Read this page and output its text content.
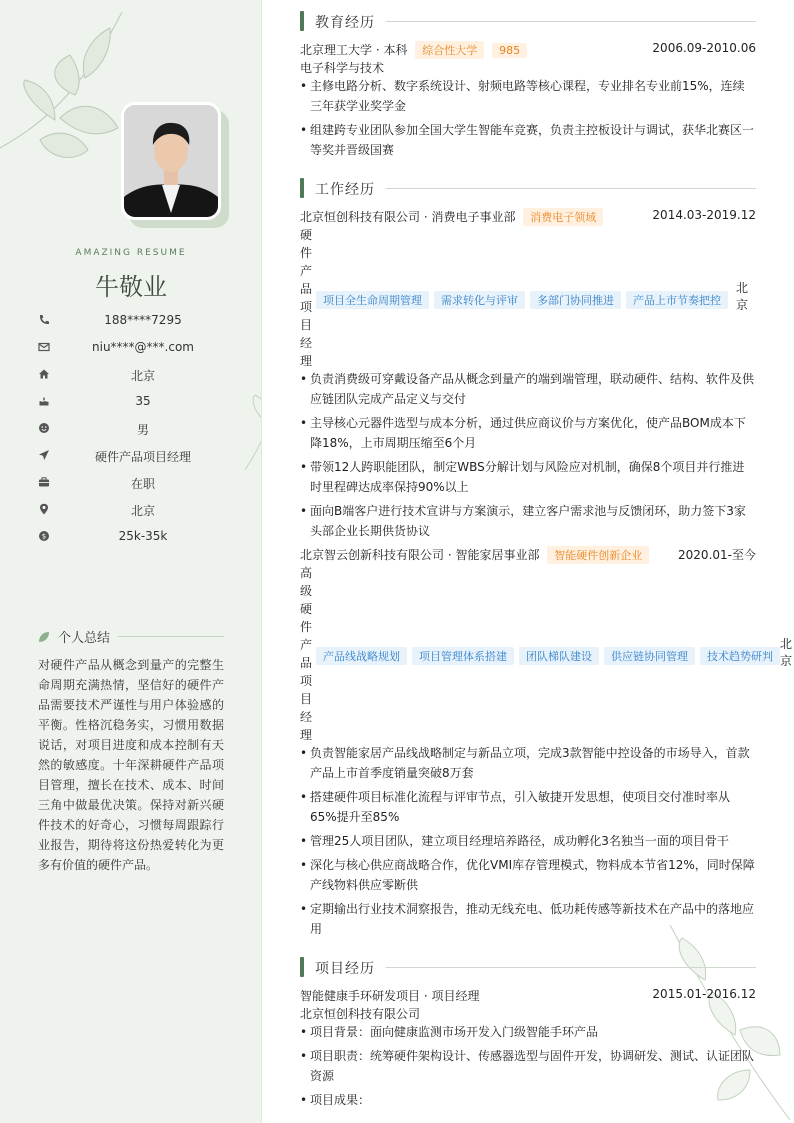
AMAZING RESUME
牛敬业
188****7295
niu****@***.com
北京
35
男
硬件产品项目经理
在职
北京
$	25k-35k
个人总结
对硬件产品从概念到量产的完整生命周期充满热情，坚信好的硬件产品需要技术严谨性与用户体验感的平衡。性格沉稳务实，习惯用数据说话，对项目进度和成本控制有天然的敏感度。十年深耕硬件产品项目管理，擅长在技术、成本、时间三角中做最优决策。保持对新兴硬件技术的好奇心，习惯每周跟踪行业报告，期待将这份热爱转化为更多有价值的硬件产品。
教育经历
北京理工大学 · 本科 综合性大学 985	2006.09-2010.06
电子科学与技术
• 主修电路分析、数字系统设计、射频电路等核心课程，专业排名专业前15%，连续三年获学业奖学金
• 组建跨专业团队参加全国大学生智能车竞赛，负责主控板设计与调试，获华北赛区一等奖并晋级国赛
工作经历
北京恒创科技有限公司 · 消费电子事业部 消费电子领域	2014.03-2019.12
硬件产品项目经理
项目全生命周期管理 需求转化与评审 多部门协同推进 产品上市节奏把控
北京
• 负责消费级可穿戴设备产品从概念到量产的端到端管理，联动硬件、结构、软件及供应链团队完成产品定义与交付
• 主导核心元器件选型与成本分析，通过供应商议价与方案优化，使产品BOM成本下降18%，上市周期压缩至6个月
• 带领12人跨职能团队，制定WBS分解计划与风险应对机制，确保8个项目并行推进时里程碑达成率保持90%以上
• 面向B端客户进行技术宣讲与方案演示，建立客户需求池与反馈闭环，助力签下3家头部企业长期供货协议
北京智云创新科技有限公司 · 智能家居事业部 智能硬件创新企业	2020.01-至今
高级硬件产品项目经理
产品线战略规划 项目管理体系搭建 团队梯队建设 供应链协同管理 技术趋势研判
北京
• 负责智能家居产品线战略制定与新品立项，完成3款智能中控设备的市场导入，首款产品上市首季度销量突破8万套
• 搭建硬件项目标准化流程与评审节点，引入敏捷开发思想，使项目交付准时率从65%提升至85%
• 管理25人项目团队，建立项目经理培养路径，成功孵化3名独当一面的项目骨干
• 深化与核心供应商战略合作，优化VMI库存管理模式，物料成本节省12%，同时保障产线物料供应零断供
• 定期输出行业技术洞察报告，推动无线充电、低功耗传感等新技术在产品中的落地应用
项目经历
智能健康手环研发项目 · 项目经理	2015.01-2016.12
北京恒创科技有限公司
• 项目背景：面向健康监测市场开发入门级智能手环产品
• 项目职责：统筹硬件架构设计、传感器选型与固件开发，协调研发、测试、认证团队资源
• 项目成果：
